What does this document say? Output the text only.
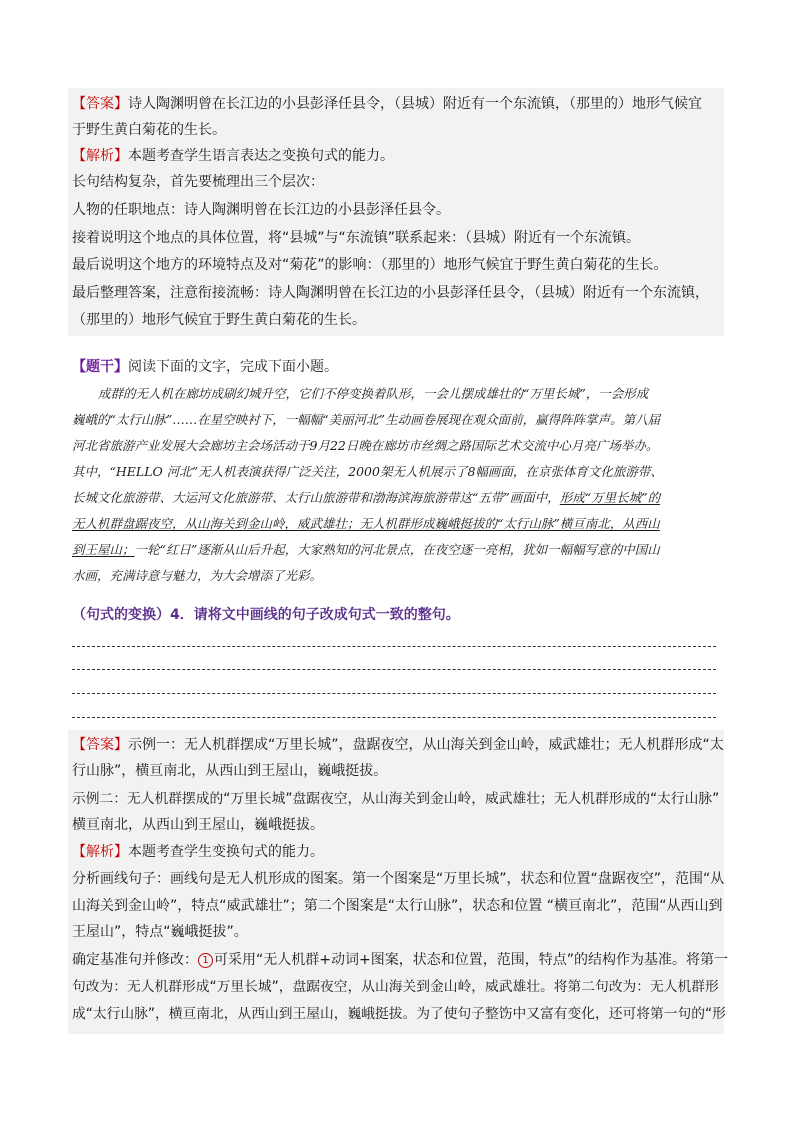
【答案】诗人陶渊明曾在长江边的小县彭泽任县令，（县城）附近有一个东流镇，（那里的）地形气候宜
于野生黄白菊花的生长。
【解析】本题考查学生语言表达之变换句式的能力。
长句结构复杂，首先要梳理出三个层次：
人物的任职地点：诗人陶渊明曾在长江边的小县彭泽任县令。
接着说明这个地点的具体位置，将“县城”与“东流镇”联系起来：（县城）附近有一个东流镇。
最后说明这个地方的环境特点及对“菊花”的影响：（那里的）地形气候宜于野生黄白菊花的生长。
最后整理答案，注意衔接流畅：诗人陶渊明曾在长江边的小县彭泽任县令，（县城）附近有一个东流镇，
（那里的）地形气候宜于野生黄白菊花的生长。
【题干】阅读下面的文字，完成下面小题。
成群的无人机在廊坊成刷幻城升空，它们不停变换着队形，一会儿摆成雄壮的“万里长城”，一会形成
巍峨的“太行山脉”……在星空映衬下，一幅幅“美丽河北”生动画卷展现在观众面前，赢得阵阵掌声。第八届
河北省旅游产业发展大会廊坊主会场活动于9月22日晚在廊坊市丝绸之路国际艺术交流中心月亮广场举办。
其中，“HELLO 河北”无人机表演获得广泛关注，2000架无人机展示了8幅画面，在京张体育文化旅游带、
长城文化旅游带、大运河文化旅游带、太行山旅游带和渤海滨海旅游带这“五带”画面中，形成“万里长城”的
无人机群盘踞夜空，从山海关到金山岭，威武雄壮；无人机群形成巍峨挺拔的“太行山脉”横亘南北，从西山
到王屋山；一轮“红日”逐渐从山后升起，大家熟知的河北景点，在夜空逐一亮相，犹如一幅幅写意的中国山
水画，充满诗意与魅力，为大会增添了光彩。
（句式的变换）4．请将文中画线的句子改成句式一致的整句。
【答案】示例一：无人机群摆成“万里长城”，盘踞夜空，从山海关到金山岭，威武雄壮；无人机群形成“太
行山脉”，横亘南北，从西山到王屋山，巍峨挺拔。
示例二：无人机群摆成的“万里长城”盘踞夜空，从山海关到金山岭，威武雄壮；无人机群形成的“太行山脉”
横亘南北，从西山到王屋山，巍峨挺拔。
【解析】本题考查学生变换句式的能力。
分析画线句子：画线句是无人机形成的图案。第一个图案是“万里长城”，状态和位置“盘踞夜空”，范围“从
山海关到金山岭”，特点“威武雄壮”；第二个图案是“太行山脉”，状态和位置 “横亘南北”，范围“从西山到
王屋山”，特点“巍峨挺拔”。
确定基准句并修改： 1 可采用“无人机群+动词+图案，状态和位置，范围，特点”的结构作为基准。将第一
句改为：无人机群形成“万里长城”，盘踞夜空，从山海关到金山岭，威武雄壮。将第二句改为：无人机群形
成“太行山脉”，横亘南北，从西山到王屋山，巍峨挺拔。为了使句子整饬中又富有变化，还可将第一句的“形
